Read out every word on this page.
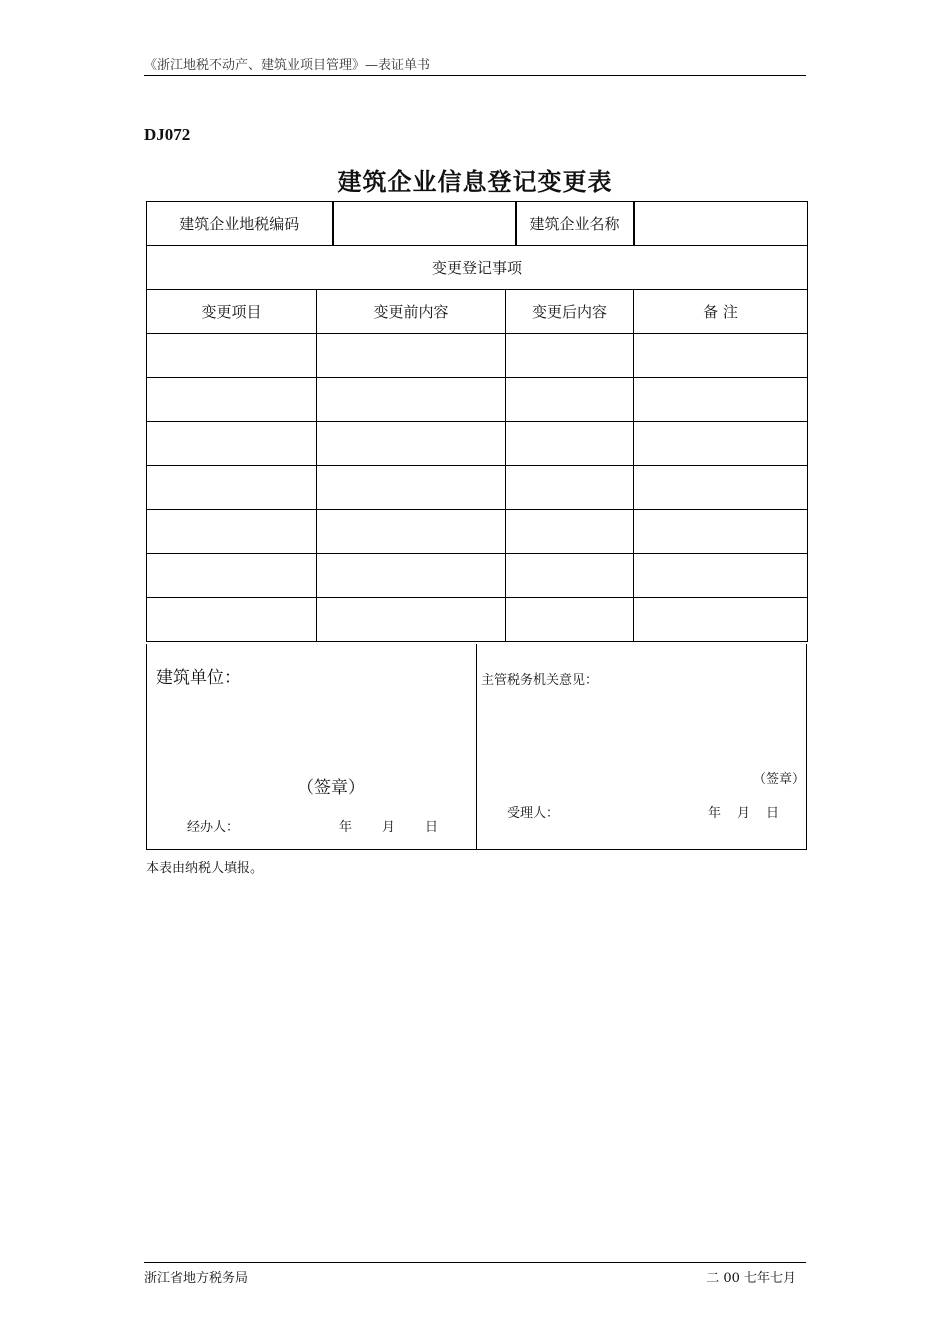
《浙江地税不动产、建筑业项目管理》—表证单书
DJ072
建筑企业信息登记变更表
建筑企业地税编码				建筑企业名称	
变更登记事项					
变更项目	变更前内容		变更后内容		备 注

建筑单位：
（签章）
经办人：	年 月 日
主管税务机关意见：
（签章）
受理人：	年 月 日
本表由纳税人填报。
浙江省地方税务局	二 00 七年七月
